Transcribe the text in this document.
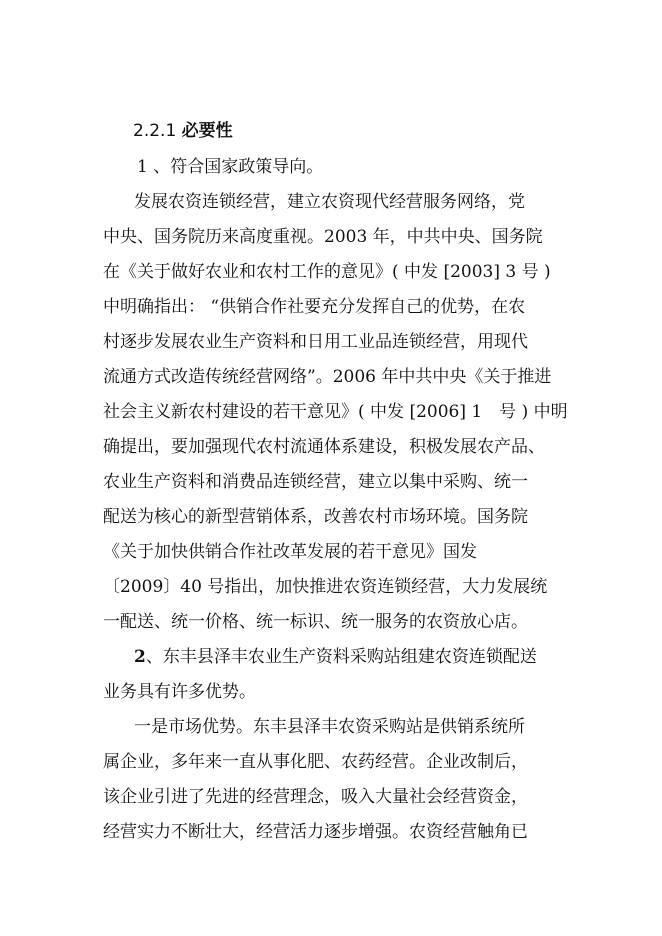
2.2.1 必要性
1 、符合国家政策导向。
发展农资连锁经营，建立农资现代经营服务网络，党
中央、国务院历来高度重视。2003 年，中共中央、国务院
在《关于做好农业和农村工作的意见》( 中发 [2003] 3 号 )
中明确指出： “供销合作社要充分发挥自己的优势，在农
村逐步发展农业生产资料和日用工业品连锁经营，用现代
流通方式改造传统经营网络”。2006 年中共中央《关于推进
社会主义新农村建设的若干意见》( 中发 [2006] 1　号 ) 中明
确提出，要加强现代农村流通体系建设，积极发展农产品、
农业生产资料和消费品连锁经营，建立以集中采购、统一
配送为核心的新型营销体系，改善农村市场环境。国务院
《关于加快供销合作社改革发展的若干意见》国发
〔2009〕40 号指出，加快推进农资连锁经营，大力发展统
一配送、统一价格、统一标识、统一服务的农资放心店。
2、东丰县泽丰农业生产资料采购站组建农资连锁配送
业务具有许多优势。
一是市场优势。东丰县泽丰农资采购站是供销系统所
属企业，多年来一直从事化肥、农药经营。企业改制后，
该企业引进了先进的经营理念，吸入大量社会经营资金，
经营实力不断壮大，经营活力逐步增强。农资经营触角已
